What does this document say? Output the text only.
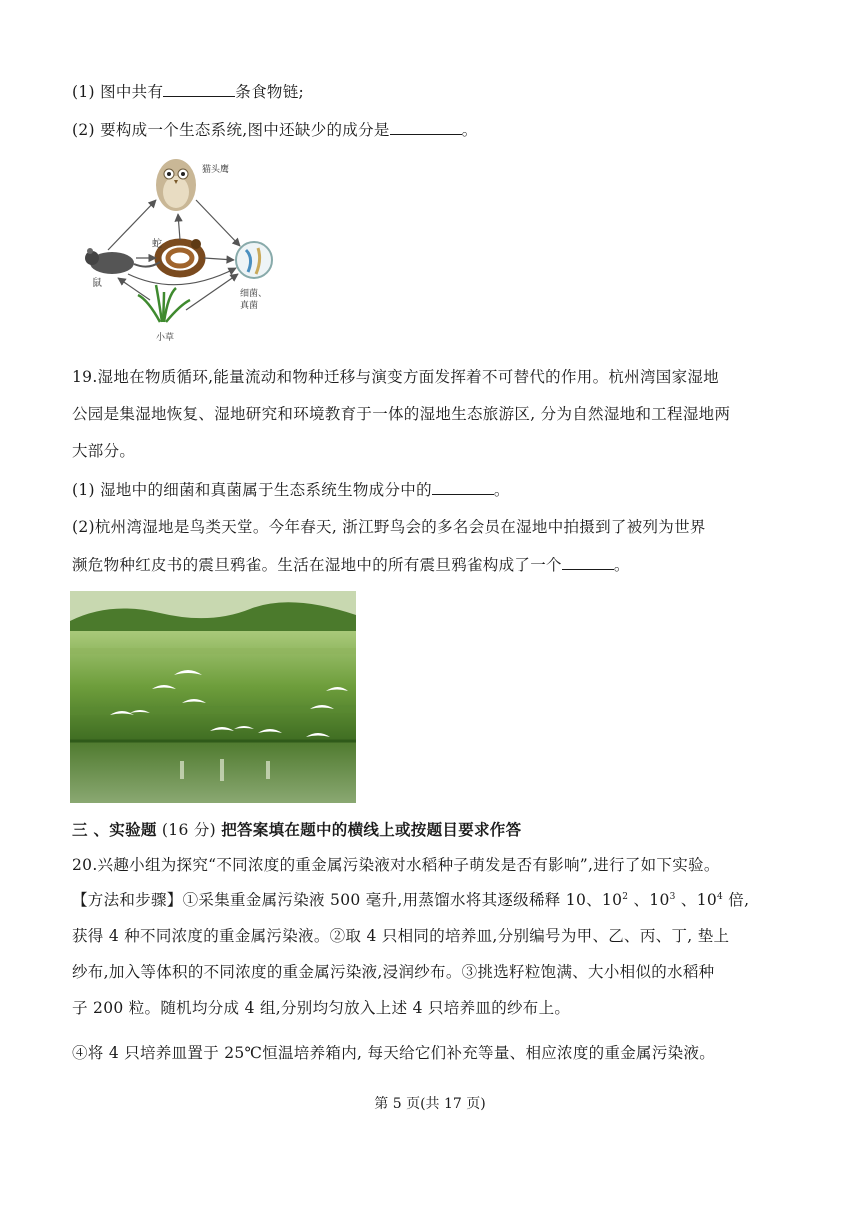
(1) 图中共有	条食物链;
(2) 要构成一个生态系统,图中还缺少的成分是	。
猫头鹰
蛇
鼠
小草
细菌、
真菌
19.湿地在物质循环,能量流动和物种迁移与演变方面发挥着不可替代的作用。杭州湾国家湿地
公园是集湿地恢复、湿地研究和环境教育于一体的湿地生态旅游区, 分为自然湿地和工程湿地两
大部分。
(1) 湿地中的细菌和真菌属于生态系统生物成分中的	。
(2)杭州湾湿地是鸟类天堂。今年春天, 浙江野鸟会的多名会员在湿地中拍摄到了被列为世界
濒危物种红皮书的震旦鸦雀。生活在湿地中的所有震旦鸦雀构成了一个	。
三 、实验题 (16 分) 把答案填在题中的横线上或按题目要求作答
20.兴趣小组为探究“不同浓度的重金属污染液对水稻种子萌发是否有影响”,进行了如下实验。
【方法和步骤】①采集重金属污染液 500 毫升,用蒸馏水将其逐级稀释 10、$10^2$ 、$10^3$ 、$10^4$ 倍,
获得 4 种不同浓度的重金属污染液。②取 4 只相同的培养皿,分别编号为甲、乙、丙、丁, 垫上
纱布,加入等体积的不同浓度的重金属污染液,浸润纱布。③挑选籽粒饱满、大小相似的水稻种
子 200 粒。随机均分成 4 组,分别均匀放入上述 4 只培养皿的纱布上。
④将 4 只培养皿置于 25℃恒温培养箱内, 每天给它们补充等量、相应浓度的重金属污染液。
第 5 页(共 17 页)
